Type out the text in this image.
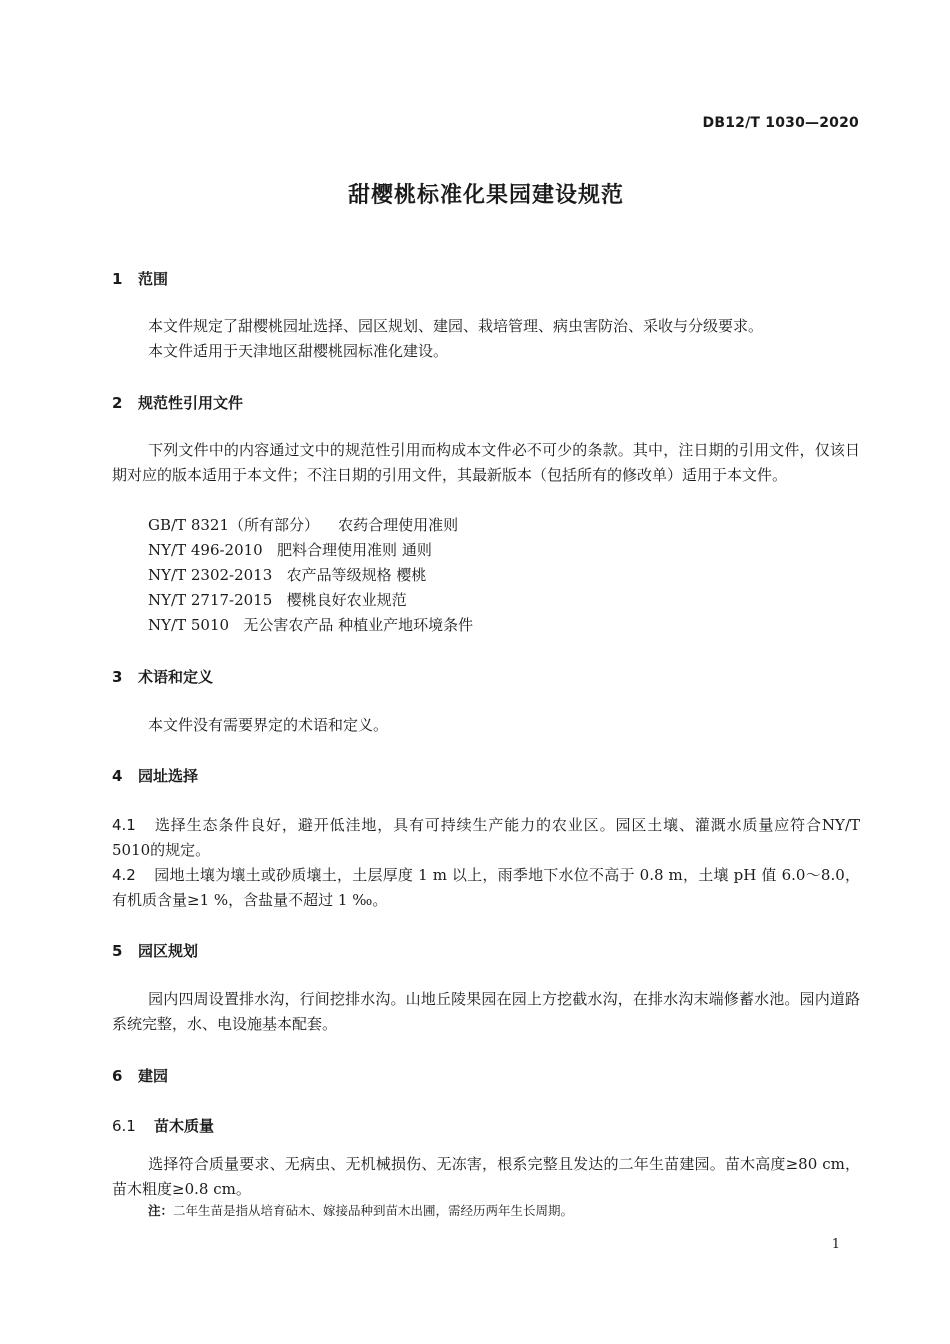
DB12/T 1030—2020
甜樱桃标准化果园建设规范
1 范围
本文件规定了甜樱桃园址选择、园区规划、建园、栽培管理、病虫害防治、采收与分级要求。
本文件适用于天津地区甜樱桃园标准化建设。
2 规范性引用文件
下列文件中的内容通过文中的规范性引用而构成本文件必不可少的条款。其中，注日期的引用文件，仅该日期对应的版本适用于本文件；不注日期的引用文件，其最新版本（包括所有的修改单）适用于本文件。
GB/T 8321（所有部分） 农药合理使用准则
NY/T 496-2010 肥料合理使用准则 通则
NY/T 2302-2013 农产品等级规格 樱桃
NY/T 2717-2015 樱桃良好农业规范
NY/T 5010 无公害农产品 种植业产地环境条件
3 术语和定义
本文件没有需要界定的术语和定义。
4 园址选择
4.1 选择生态条件良好，避开低洼地，具有可持续生产能力的农业区。园区土壤、灌溉水质量应符合NY/T 5010的规定。
4.2 园地土壤为壤土或砂质壤土，土层厚度 1 m 以上，雨季地下水位不高于 0.8 m，土壤 pH 值 6.0～8.0，有机质含量≥1 %，含盐量不超过 1 ‰。
5 园区规划
园内四周设置排水沟，行间挖排水沟。山地丘陵果园在园上方挖截水沟，在排水沟末端修蓄水池。园内道路系统完整，水、电设施基本配套。
6 建园
6.1 苗木质量
选择符合质量要求、无病虫、无机械损伤、无冻害，根系完整且发达的二年生苗建园。苗木高度≥80 cm，苗木粗度≥0.8 cm。
注：二年生苗是指从培育砧木、嫁接品种到苗木出圃，需经历两年生长周期。
1
